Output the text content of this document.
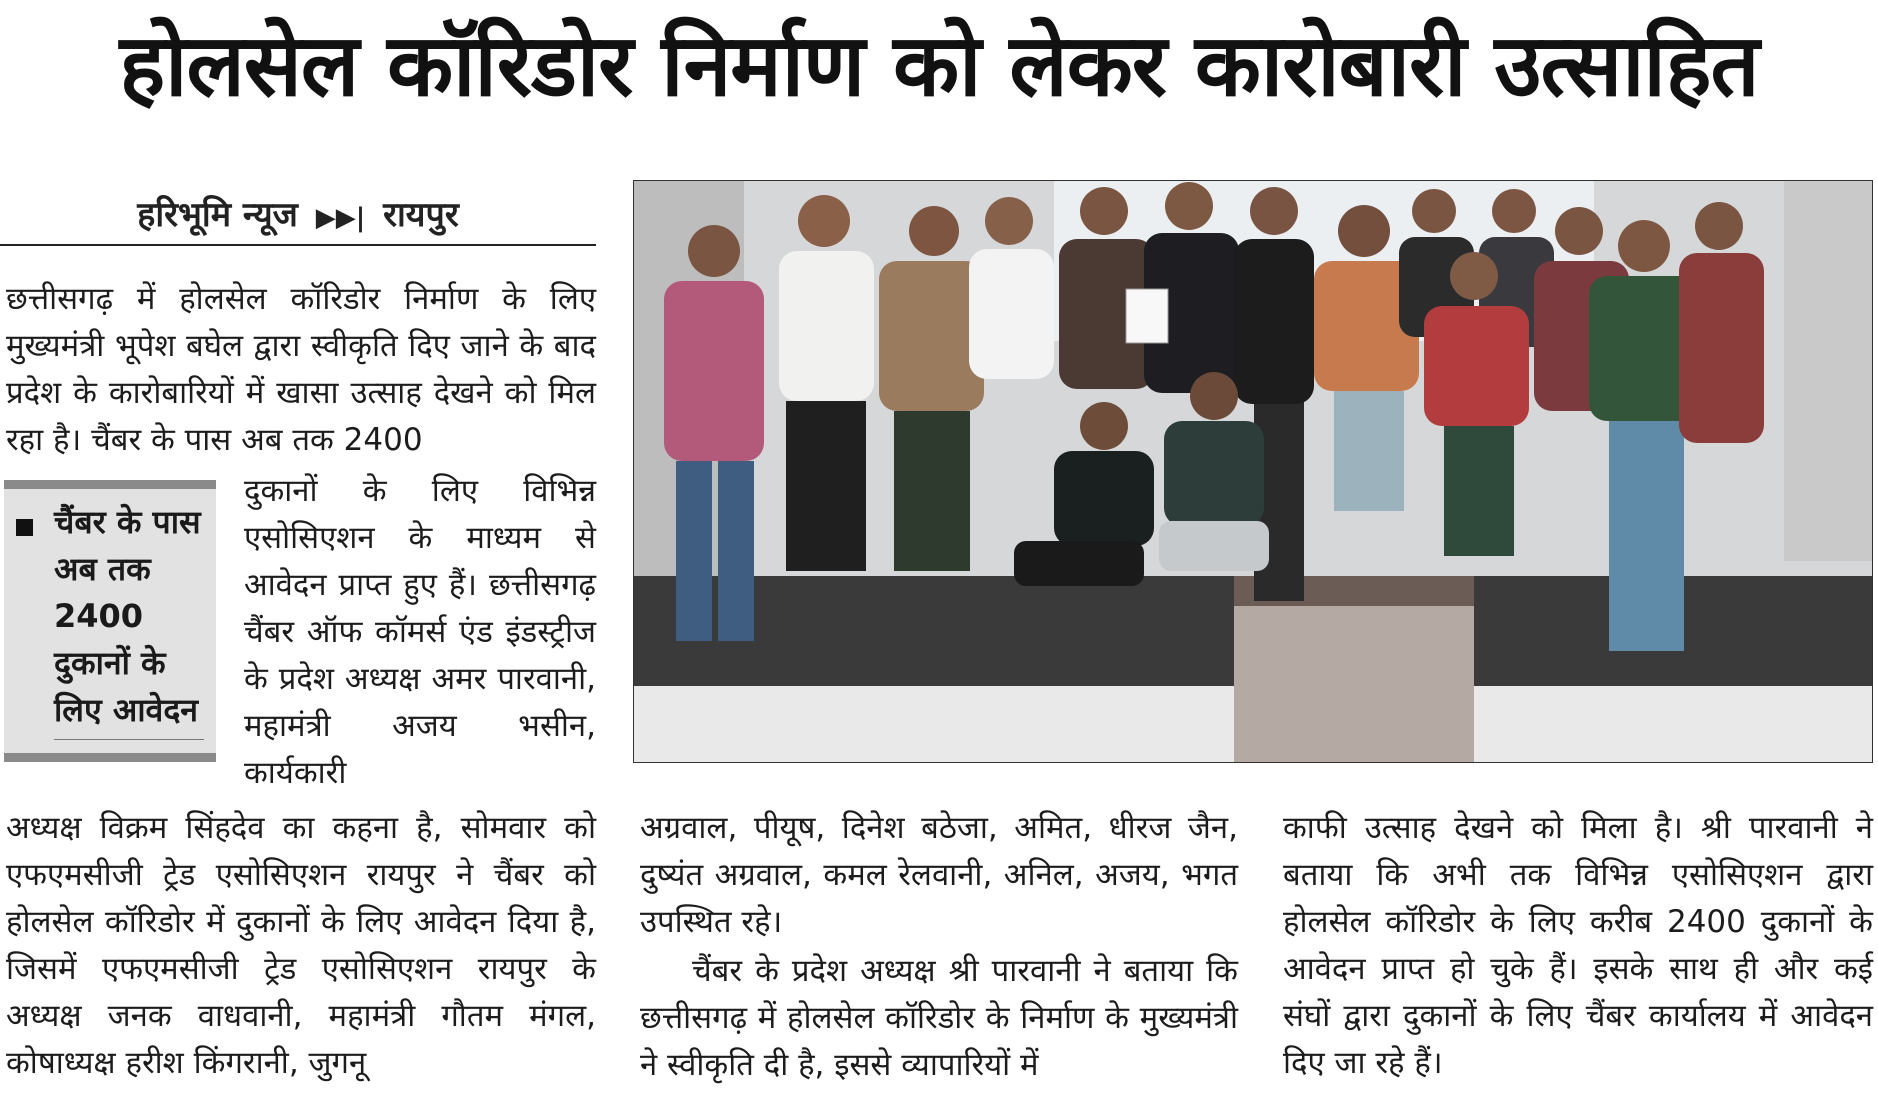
होलसेल कॉरिडोर निर्माण को लेकर कारोबारी उत्साहित
हरिभूमि न्यूज ▶▶| रायपुर
छत्तीसगढ़ में होलसेल कॉरिडोर निर्माण के लिए मुख्यमंत्री भूपेश बघेल द्वारा स्वीकृति दिए जाने के बाद प्रदेश के कारोबारियों में खासा उत्साह देखने को मिल रहा है। चैंबर के पास अब तक 2400
चैंबर के पास अब तक 2400 दुकानों के लिए आवेदन
दुकानों के लिए विभिन्न एसोसिएशन के माध्यम से आवेदन प्राप्त हुए हैं। छत्तीसगढ़ चैंबर ऑफ कॉमर्स एंड इंडस्ट्रीज के प्रदेश अध्यक्ष अमर पारवानी, महामंत्री अजय भसीन, कार्यकारी
अध्यक्ष विक्रम सिंहदेव का कहना है, सोमवार को एफएमसीजी ट्रेड एसोसिएशन रायपुर ने चैंबर को होलसेल कॉरिडोर में दुकानों के लिए आवेदन दिया है, जिसमें एफएमसीजी ट्रेड एसोसिएशन रायपुर के अध्यक्ष जनक वाधवानी, महामंत्री गौतम मंगल, कोषाध्यक्ष हरीश किंगरानी, जुगनू
अग्रवाल, पीयूष, दिनेश बठेजा, अमित, धीरज जैन, दुष्यंत अग्रवाल, कमल रेलवानी, अनिल, अजय, भगत उपस्थित रहे।
चैंबर के प्रदेश अध्यक्ष श्री पारवानी ने बताया कि छत्तीसगढ़ में होलसेल कॉरिडोर के निर्माण के मुख्यमंत्री ने स्वीकृति दी है, इससे व्यापारियों में
काफी उत्साह देखने को मिला है। श्री पारवानी ने बताया कि अभी तक विभिन्न एसोसिएशन द्वारा होलसेल कॉरिडोर के लिए करीब 2400 दुकानों के आवेदन प्राप्त हो चुके हैं। इसके साथ ही और कई संघों द्वारा दुकानों के लिए चैंबर कार्यालय में आवेदन दिए जा रहे हैं।
